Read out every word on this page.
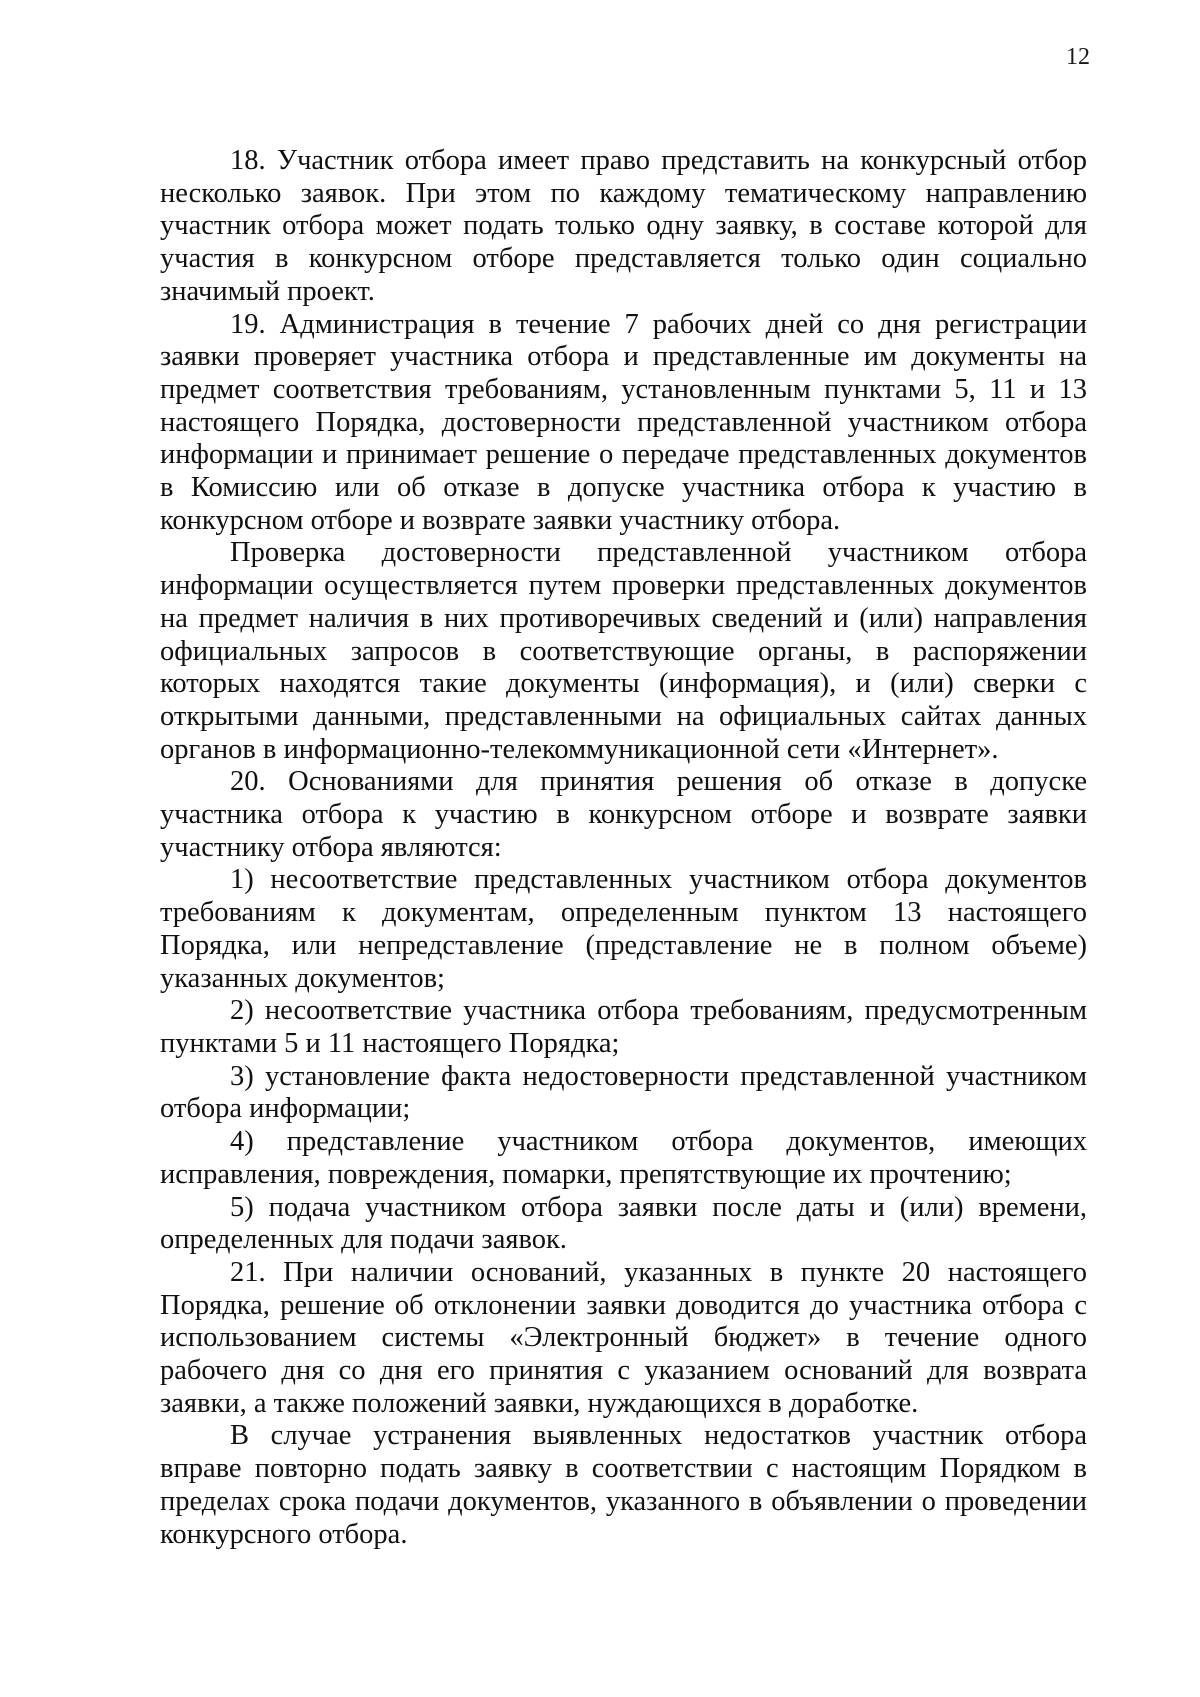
12

18. Участник отбора имеет право представить на конкурсный отбор несколько заявок. При этом по каждому тематическому направлению участник отбора может подать только одну заявку, в составе которой для участия в конкурсном отборе представляется только один социально значимый проект.

19. Администрация в течение 7 рабочих дней со дня регистрации заявки проверяет участника отбора и представленные им документы на предмет соответствия требованиям, установленным пунктами 5, 11 и 13 настоящего Порядка, достоверности представленной участником отбора информации и принимает решение о передаче представленных документов в Комиссию или об отказе в допуске участника отбора к участию в конкурсном отборе и возврате заявки участнику отбора.

Проверка достоверности представленной участником отбора информации осуществляется путем проверки представленных документов на предмет наличия в них противоречивых сведений и (или) направления официальных запросов в соответствующие органы, в распоряжении которых находятся такие документы (информация), и (или) сверки с открытыми данными, представленными на официальных сайтах данных органов в информационно-телекоммуникационной сети «Интернет».

20. Основаниями для принятия решения об отказе в допуске участника отбора к участию в конкурсном отборе и возврате заявки участнику отбора являются:

1) несоответствие представленных участником отбора документов требованиям к документам, определенным пунктом 13 настоящего Порядка, или непредставление (представление не в полном объеме) указанных документов;

2) несоответствие участника отбора требованиям, предусмотренным пунктами 5 и 11 настоящего Порядка;

3) установление факта недостоверности представленной участником отбора информации;

4) представление участником отбора документов, имеющих исправления, повреждения, помарки, препятствующие их прочтению;

5) подача участником отбора заявки после даты и (или) времени, определенных для подачи заявок.

21. При наличии оснований, указанных в пункте 20 настоящего Порядка, решение об отклонении заявки доводится до участника отбора с использованием системы «Электронный бюджет» в течение одного рабочего дня со дня его принятия с указанием оснований для возврата заявки, а также положений заявки, нуждающихся в доработке.

В случае устранения выявленных недостатков участник отбора вправе повторно подать заявку в соответствии с настоящим Порядком в пределах срока подачи документов, указанного в объявлении о проведении конкурсного отбора.
